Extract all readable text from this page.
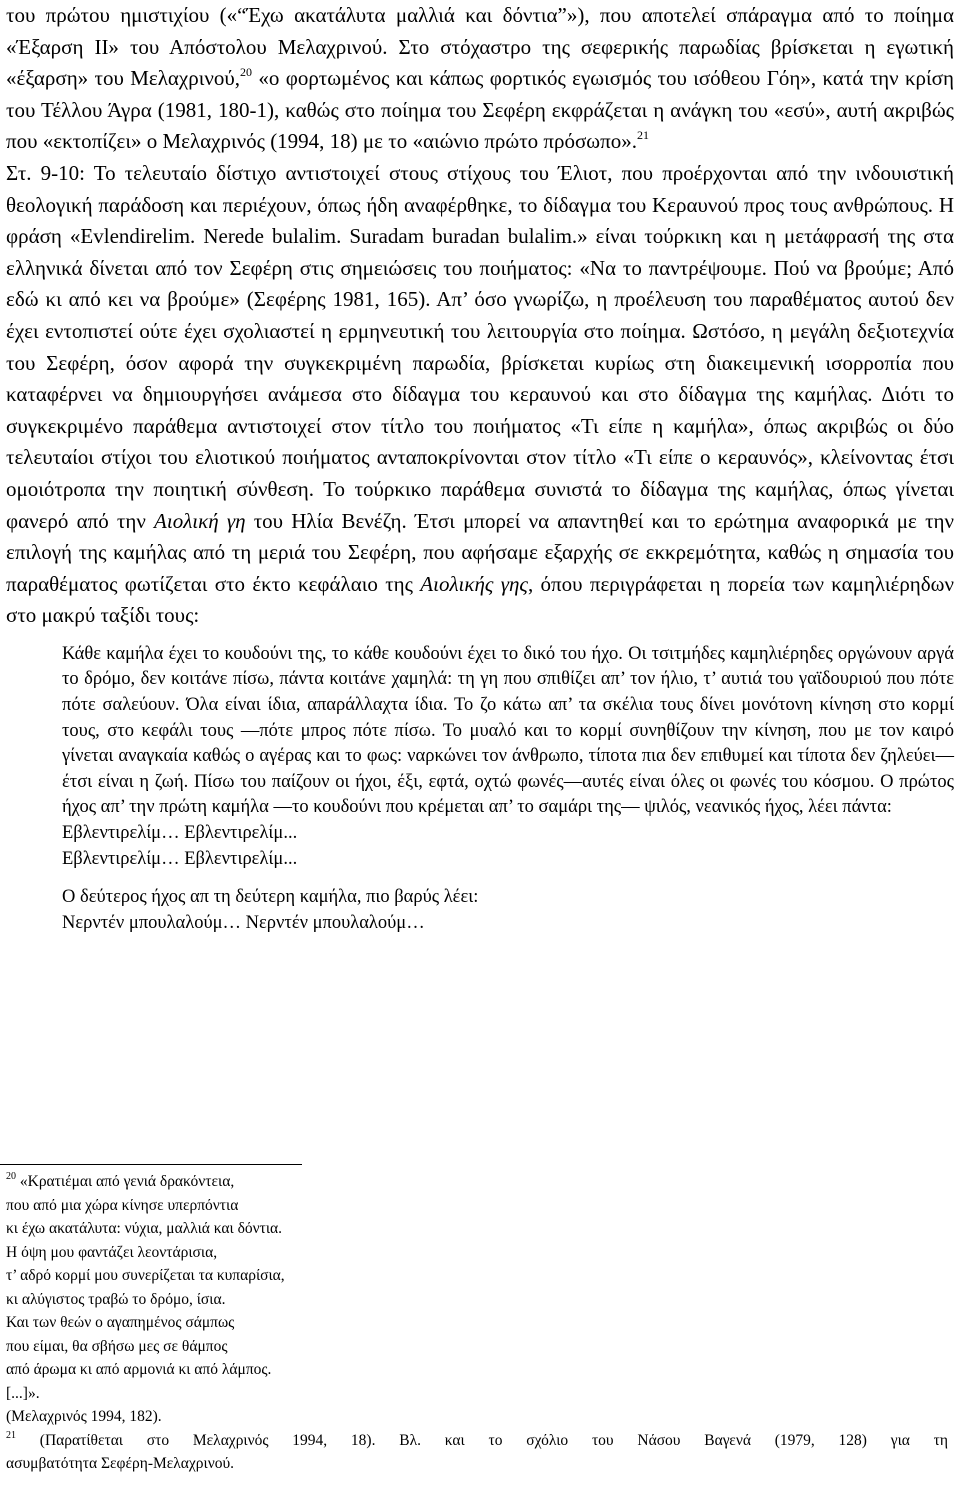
του πρώτου ημιστιχίου («“Έχω ακατάλυτα μαλλιά και δόντια”»), που αποτελεί σπάραγμα από το ποίημα «Έξαρση ΙΙ» του Απόστολου Μελαχρινού. Στο στόχαστρο της σεφερικής παρωδίας βρίσκεται η εγωτική «έξαρση» του Μελαχρινού,$^{20}$ «ο φορτωμένος και κάπως φορτικός εγωισμός του ισόθεου Γόη», κατά την κρίση του Τέλλου Άγρα (1981, 180-1), καθώς στο ποίημα του Σεφέρη εκφράζεται η ανάγκη του «εσύ», αυτή ακριβώς που «εκτοπίζει» ο Μελαχρινός (1994, 18) με το «αιώνιο πρώτο πρόσωπο».$^{21}$

Στ. 9-10: Το τελευταίο δίστιχο αντιστοιχεί στους στίχους του Έλιοτ, που προέρχονται από την ινδουιστική θεολογική παράδοση και περιέχουν, όπως ήδη αναφέρθηκε, το δίδαγμα του Κεραυνού προς τους ανθρώπους. Η φράση «Evlendirelim. Nerede bulalim. Suradam buradan bulalim.» είναι τούρκικη και η μετάφρασή της στα ελληνικά δίνεται από τον Σεφέρη στις σημειώσεις του ποιήματος: «Να το παντρέψουμε. Πού να βρούμε; Από εδώ κι από κει να βρούμε» (Σεφέρης 1981, 165). Απ’ όσο γνωρίζω, η προέλευση του παραθέματος αυτού δεν έχει εντοπιστεί ούτε έχει σχολιαστεί η ερμηνευτική του λειτουργία στο ποίημα. Ωστόσο, η μεγάλη δεξιοτεχνία του Σεφέρη, όσον αφορά την συγκεκριμένη παρωδία, βρίσκεται κυρίως στη διακειμενική ισορροπία που καταφέρνει να δημιουργήσει ανάμεσα στο δίδαγμα του κεραυνού και στο δίδαγμα της καμήλας. Διότι το συγκεκριμένο παράθεμα αντιστοιχεί στον τίτλο του ποιήματος «Τι είπε η καμήλα», όπως ακριβώς οι δύο τελευταίοι στίχοι του ελιοτικού ποιήματος ανταποκρίνονται στον τίτλο «Τι είπε ο κεραυνός», κλείνοντας έτσι ομοιότροπα την ποιητική σύνθεση. Το τούρκικο παράθεμα συνιστά το δίδαγμα της καμήλας, όπως γίνεται φανερό από την Αιολική γη του Ηλία Βενέζη. Έτσι μπορεί να απαντηθεί και το ερώτημα αναφορικά με την επιλογή της καμήλας από τη μεριά του Σεφέρη, που αφήσαμε εξαρχής σε εκκρεμότητα, καθώς η σημασία του παραθέματος φωτίζεται στο έκτο κεφάλαιο της Αιολικής γης, όπου περιγράφεται η πορεία των καμηλιέρηδων στο μακρύ ταξίδι τους:

Κάθε καμήλα έχει το κουδούνι της, το κάθε κουδούνι έχει το δικό του ήχο. Οι τσιτμήδες καμηλιέρηδες οργώνουν αργά το δρόμο, δεν κοιτάνε πίσω, πάντα κοιτάνε χαμηλά: τη γη που σπιθίζει απ’ τον ήλιο, τ’ αυτιά του γαϊδουριού που πότε πότε σαλεύουν. Όλα είναι ίδια, απαράλλαχτα ίδια. Το ζο κάτω απ’ τα σκέλια τους δίνει μονότονη κίνηση στο κορμί τους, στο κεφάλι τους —πότε μπρος πότε πίσω. Το μυαλό και το κορμί συνηθίζουν την κίνηση, που με τον καιρό γίνεται αναγκαία καθώς ο αγέρας και το φως: ναρκώνει τον άνθρωπο, τίποτα πια δεν επιθυμεί και τίποτα δεν ζηλεύει—έτσι είναι η ζωή. Πίσω του παίζουν οι ήχοι, έξι, εφτά, οχτώ φωνές—αυτές είναι όλες οι φωνές του κόσμου. Ο πρώτος ήχος απ’ την πρώτη καμήλα —το κουδούνι που κρέμεται απ’ το σαμάρι της— ψιλός, νεανικός ήχος, λέει πάντα:

Εβλεντιρελίμ… Εβλεντιρελίμ...

Εβλεντιρελίμ… Εβλεντιρελίμ...

Ο δεύτερος ήχος απ τη δεύτερη καμήλα, πιο βαρύς λέει:

Νερντέν μπουλαλούμ… Νερντέν μπουλαλούμ…

$^{20}$ «Κρατιέμαι από γενιά δρακόντεια,
που από μια χώρα κίνησε υπερπόντια
κι έχω ακατάλυτα: νύχια, μαλλιά και δόντια.
Η όψη μου φαντάζει λεοντάρισια,
τ’ αδρό κορμί μου συνερίζεται τα κυπαρίσια,
κι αλύγιστος τραβώ το δρόμο, ίσια.
Και των θεών ο αγαπημένος σάμπως
που είμαι, θα σβήσω μες σε θάμπος
από άρωμα κι από αρμονιά κι από λάμπος.
[...]».
(Μελαχρινός 1994, 182).
$^{21}$ (Παρατίθεται στο Μελαχρινός 1994, 18). Βλ. και το σχόλιο του Νάσου Βαγενά (1979, 128) για τη
ασυμβατότητα Σεφέρη-Μελαχρινού.
